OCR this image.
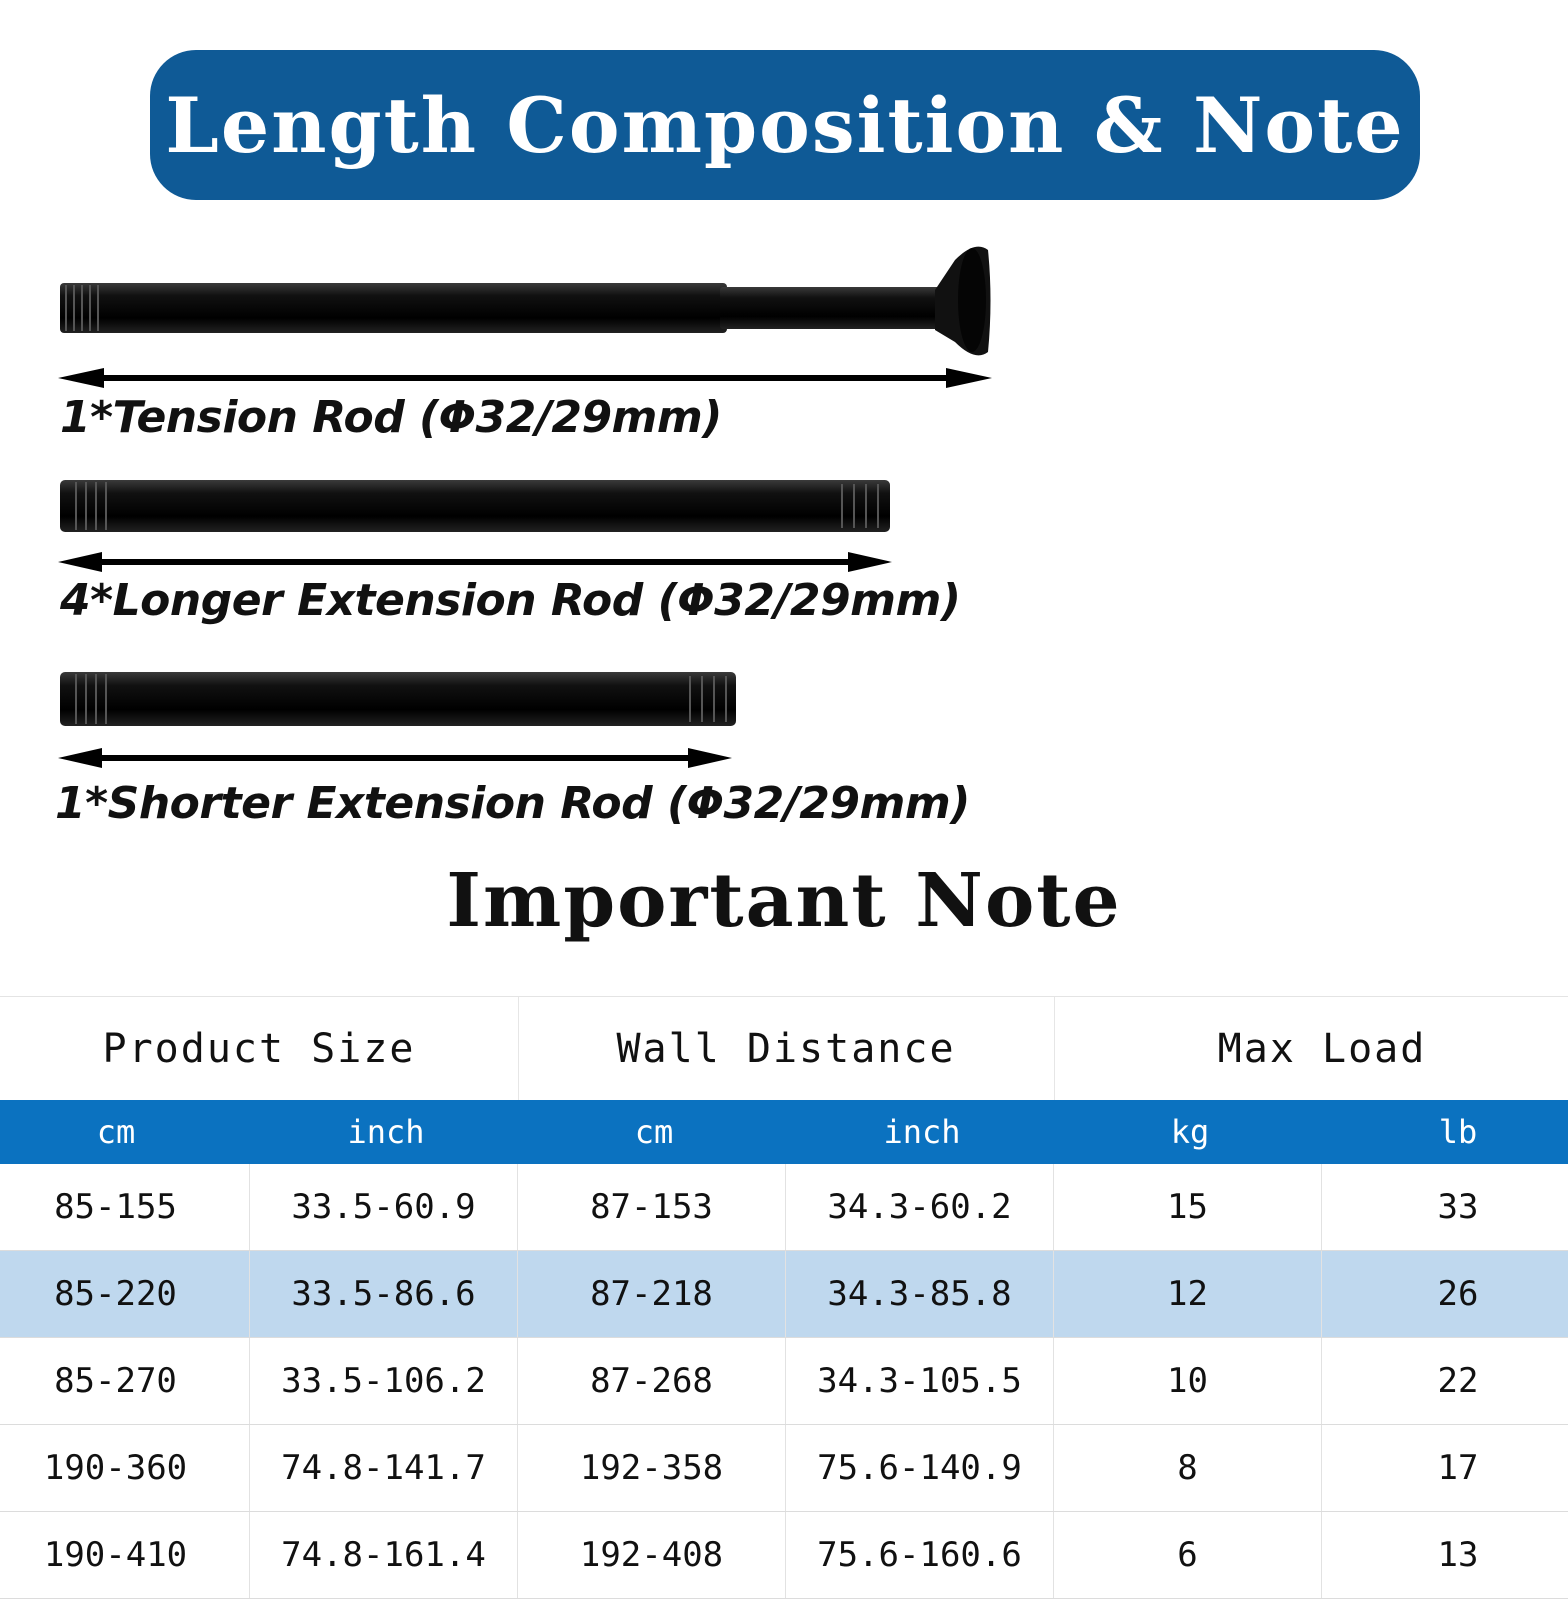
Length Composition & Note
1*Tension Rod (Φ32/29mm)
4*Longer Extension Rod (Φ32/29mm)
1*Shorter Extension Rod (Φ32/29mm)
Important Note
Product Size	Wall Distance	Max Load
cm	inch	cm	inch	kg	lb
85-155	33.5-60.9	87-153	34.3-60.2	15	33
85-220	33.5-86.6	87-218	34.3-85.8	12	26
85-270	33.5-106.2	87-268	34.3-105.5	10	22
190-360	74.8-141.7	192-358	75.6-140.9	8	17
190-410	74.8-161.4	192-408	75.6-160.6	6	13
